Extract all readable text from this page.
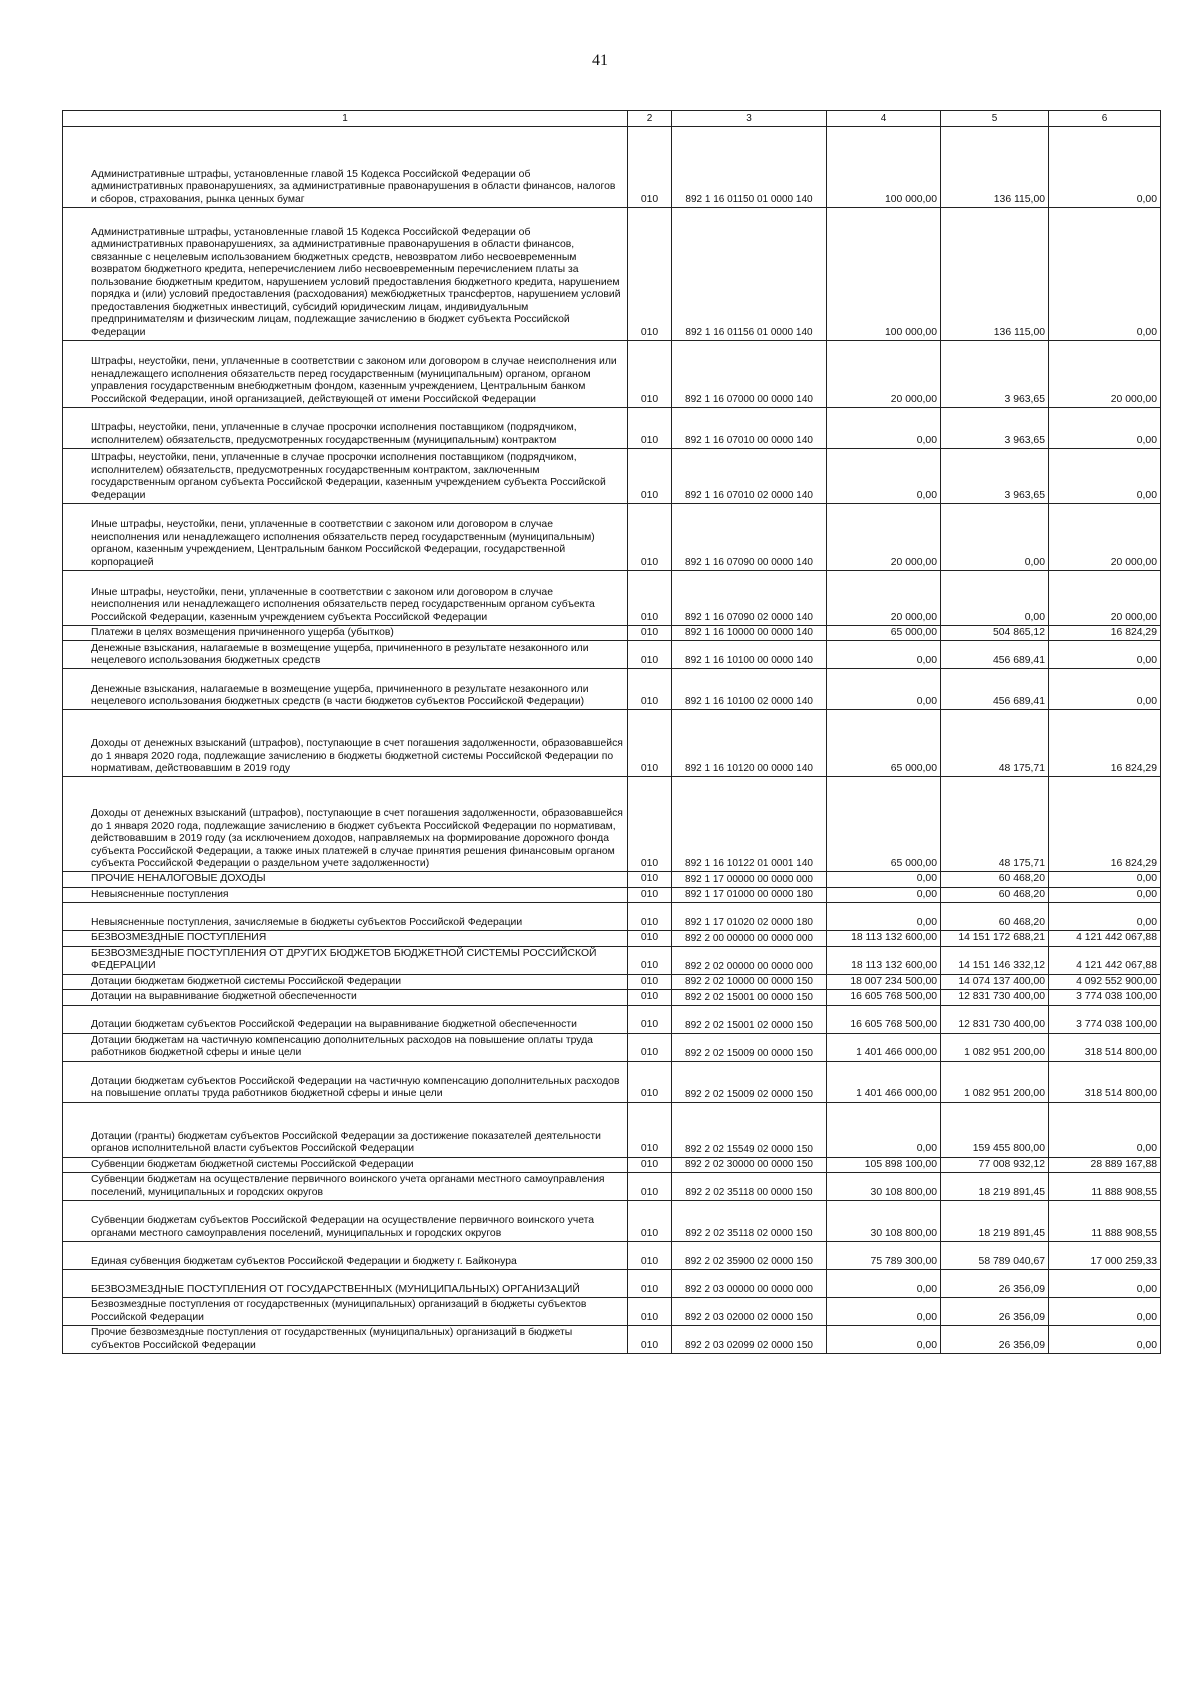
41
1	2	3	4	5	6
Административные штрафы, установленные главой 15 Кодекса Российской Федерации об административных правонарушениях, за административные правонарушения в области финансов, налогов и сборов, страхования, рынка ценных бумаг	010	892 1 16 01150 01 0000 140	100 000,00	136 115,00	0,00
Административные штрафы, установленные главой 15 Кодекса Российской Федерации об административных правонарушениях, за административные правонарушения в области финансов, связанные с нецелевым использованием бюджетных средств, невозвратом либо несвоевременным возвратом бюджетного кредита, неперечислением либо несвоевременным перечислением платы за пользование бюджетным кредитом, нарушением условий предоставления бюджетного кредита, нарушением порядка и (или) условий предоставления (расходования) межбюджетных трансфертов, нарушением условий предоставления бюджетных инвестиций, субсидий юридическим лицам, индивидуальным предпринимателям и физическим лицам, подлежащие зачислению в бюджет субъекта Российской Федерации	010	892 1 16 01156 01 0000 140	100 000,00	136 115,00	0,00
Штрафы, неустойки, пени, уплаченные в соответствии с законом или договором в случае неисполнения или ненадлежащего исполнения обязательств перед государственным (муниципальным) органом, органом управления государственным внебюджетным фондом, казенным учреждением, Центральным банком Российской Федерации, иной организацией, действующей от имени Российской Федерации	010	892 1 16 07000 00 0000 140	20 000,00	3 963,65	20 000,00
Штрафы, неустойки, пени, уплаченные в случае просрочки исполнения поставщиком (подрядчиком, исполнителем) обязательств, предусмотренных государственным (муниципальным) контрактом	010	892 1 16 07010 00 0000 140	0,00	3 963,65	0,00
Штрафы, неустойки, пени, уплаченные в случае просрочки исполнения поставщиком (подрядчиком, исполнителем) обязательств, предусмотренных государственным контрактом, заключенным государственным органом субъекта Российской Федерации, казенным учреждением субъекта Российской Федерации	010	892 1 16 07010 02 0000 140	0,00	3 963,65	0,00
Иные штрафы, неустойки, пени, уплаченные в соответствии с законом или договором в случае неисполнения или ненадлежащего исполнения обязательств перед государственным (муниципальным) органом, казенным учреждением, Центральным банком Российской Федерации, государственной корпорацией	010	892 1 16 07090 00 0000 140	20 000,00	0,00	20 000,00
Иные штрафы, неустойки, пени, уплаченные в соответствии с законом или договором в случае неисполнения или ненадлежащего исполнения обязательств перед государственным органом субъекта Российской Федерации, казенным учреждением субъекта Российской Федерации	010	892 1 16 07090 02 0000 140	20 000,00	0,00	20 000,00
Платежи в целях возмещения причиненного ущерба (убытков)	010	892 1 16 10000 00 0000 140	65 000,00	504 865,12	16 824,29
Денежные взыскания, налагаемые в возмещение ущерба, причиненного в результате незаконного или нецелевого использования бюджетных средств	010	892 1 16 10100 00 0000 140	0,00	456 689,41	0,00
Денежные взыскания, налагаемые в возмещение ущерба, причиненного в результате незаконного или нецелевого использования бюджетных средств (в части бюджетов субъектов Российской Федерации)	010	892 1 16 10100 02 0000 140	0,00	456 689,41	0,00
Доходы от денежных взысканий (штрафов), поступающие в счет погашения задолженности, образовавшейся до 1 января 2020 года, подлежащие зачислению в бюджеты бюджетной системы Российской Федерации по нормативам, действовавшим в 2019 году	010	892 1 16 10120 00 0000 140	65 000,00	48 175,71	16 824,29
Доходы от денежных взысканий (штрафов), поступающие в счет погашения задолженности, образовавшейся до 1 января 2020 года, подлежащие зачислению в бюджет субъекта Российской Федерации по нормативам, действовавшим в 2019 году (за исключением доходов, направляемых на формирование дорожного фонда субъекта Российской Федерации, а также иных платежей в случае принятия решения финансовым органом субъекта Российской Федерации о раздельном учете задолженности)	010	892 1 16 10122 01 0001 140	65 000,00	48 175,71	16 824,29
ПРОЧИЕ НЕНАЛОГОВЫЕ ДОХОДЫ	010	892 1 17 00000 00 0000 000	0,00	60 468,20	0,00
Невыясненные поступления	010	892 1 17 01000 00 0000 180	0,00	60 468,20	0,00
Невыясненные поступления, зачисляемые в бюджеты субъектов Российской Федерации	010	892 1 17 01020 02 0000 180	0,00	60 468,20	0,00
БЕЗВОЗМЕЗДНЫЕ ПОСТУПЛЕНИЯ	010	892 2 00 00000 00 0000 000	18 113 132 600,00	14 151 172 688,21	4 121 442 067,88
БЕЗВОЗМЕЗДНЫЕ ПОСТУПЛЕНИЯ ОТ ДРУГИХ БЮДЖЕТОВ БЮДЖЕТНОЙ СИСТЕМЫ РОССИЙСКОЙ ФЕДЕРАЦИИ	010	892 2 02 00000 00 0000 000	18 113 132 600,00	14 151 146 332,12	4 121 442 067,88
Дотации бюджетам бюджетной системы Российской Федерации	010	892 2 02 10000 00 0000 150	18 007 234 500,00	14 074 137 400,00	4 092 552 900,00
Дотации на выравнивание бюджетной обеспеченности	010	892 2 02 15001 00 0000 150	16 605 768 500,00	12 831 730 400,00	3 774 038 100,00
Дотации бюджетам субъектов Российской Федерации на выравнивание бюджетной обеспеченности	010	892 2 02 15001 02 0000 150	16 605 768 500,00	12 831 730 400,00	3 774 038 100,00
Дотации бюджетам на частичную компенсацию дополнительных расходов на повышение оплаты труда работников бюджетной сферы и иные цели	010	892 2 02 15009 00 0000 150	1 401 466 000,00	1 082 951 200,00	318 514 800,00
Дотации бюджетам субъектов Российской Федерации на частичную компенсацию дополнительных расходов на повышение оплаты труда работников бюджетной сферы и иные цели	010	892 2 02 15009 02 0000 150	1 401 466 000,00	1 082 951 200,00	318 514 800,00
Дотации (гранты) бюджетам субъектов Российской Федерации за достижение показателей деятельности органов исполнительной власти субъектов Российской Федерации	010	892 2 02 15549 02 0000 150	0,00	159 455 800,00	0,00
Субвенции бюджетам бюджетной системы Российской Федерации	010	892 2 02 30000 00 0000 150	105 898 100,00	77 008 932,12	28 889 167,88
Субвенции бюджетам на осуществление первичного воинского учета органами местного самоуправления поселений, муниципальных и городских округов	010	892 2 02 35118 00 0000 150	30 108 800,00	18 219 891,45	11 888 908,55
Субвенции бюджетам субъектов Российской Федерации на осуществление первичного воинского учета органами местного самоуправления поселений, муниципальных и городских округов	010	892 2 02 35118 02 0000 150	30 108 800,00	18 219 891,45	11 888 908,55
Единая субвенция бюджетам субъектов Российской Федерации и бюджету г. Байконура	010	892 2 02 35900 02 0000 150	75 789 300,00	58 789 040,67	17 000 259,33
БЕЗВОЗМЕЗДНЫЕ ПОСТУПЛЕНИЯ ОТ ГОСУДАРСТВЕННЫХ (МУНИЦИПАЛЬНЫХ) ОРГАНИЗАЦИЙ	010	892 2 03 00000 00 0000 000	0,00	26 356,09	0,00
Безвозмездные поступления от государственных (муниципальных) организаций в бюджеты субъектов Российской Федерации	010	892 2 03 02000 02 0000 150	0,00	26 356,09	0,00
Прочие безвозмездные поступления от государственных (муниципальных) организаций в бюджеты субъектов Российской Федерации	010	892 2 03 02099 02 0000 150	0,00	26 356,09	0,00
